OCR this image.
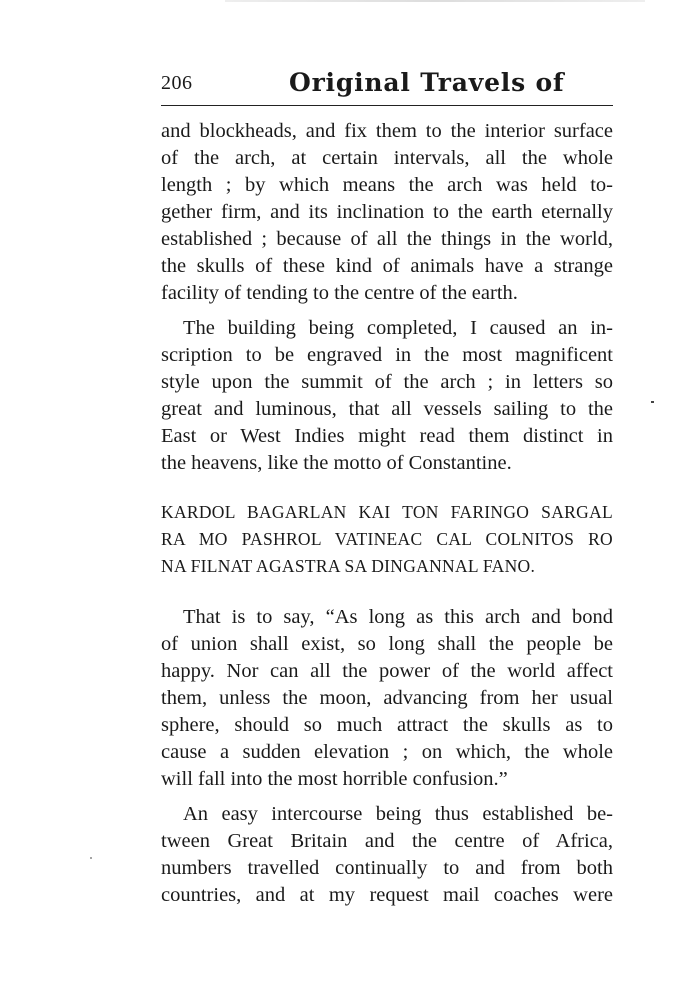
206	Original Travels of
and blockheads, and fix them to the interior surface
of the arch, at certain intervals, all the whole
length ; by which means the arch was held to-
gether firm, and its inclination to the earth eternally
established ; because of all the things in the world,
the skulls of these kind of animals have a strange
facility of tending to the centre of the earth.
The building being completed, I caused an in-
scription to be engraved in the most magnificent
style upon the summit of the arch ; in letters so
great and luminous, that all vessels sailing to the
East or West Indies might read them distinct in
the heavens, like the motto of Constantine.
KARDOL BAGARLAN KAI TON FARINGO SARGAL
RA MO PASHROL VATINEAC CAL COLNITOS RO
NA FILNAT AGASTRA SA DINGANNAL FANO.
That is to say, “As long as this arch and bond
of union shall exist, so long shall the people be
happy. Nor can all the power of the world affect
them, unless the moon, advancing from her usual
sphere, should so much attract the skulls as to
cause a sudden elevation ; on which, the whole
will fall into the most horrible confusion.”
An easy intercourse being thus established be-
tween Great Britain and the centre of Africa,
numbers travelled continually to and from both
countries, and at my request mail coaches were
